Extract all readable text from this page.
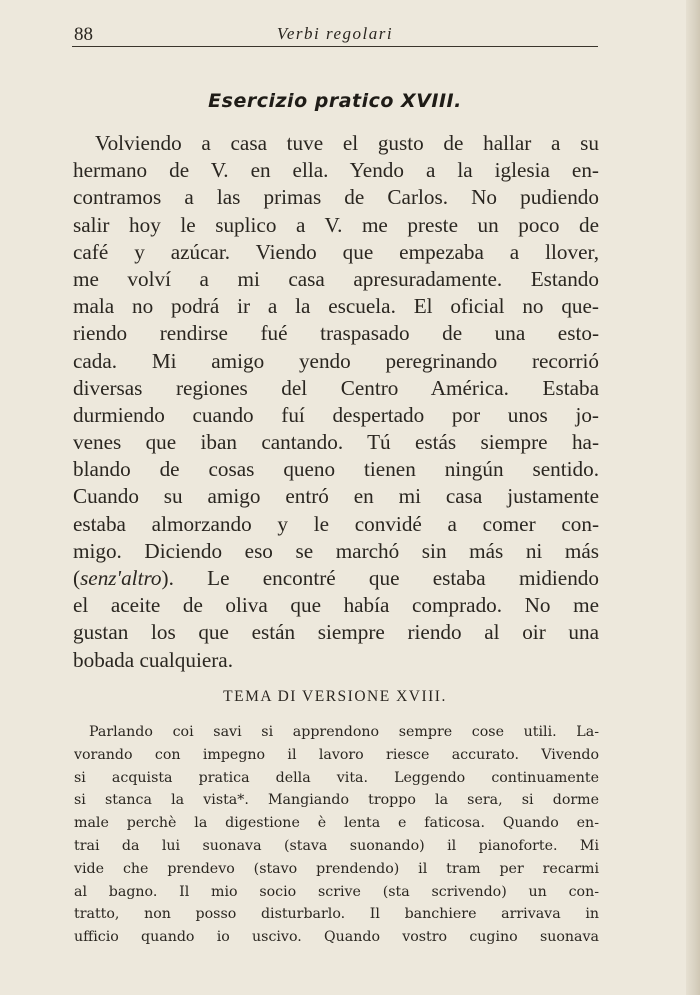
88	Verbi regolari
Esercizio pratico XVIII.
Volviendo a casa tuve el gusto de hallar a su
hermano de V. en ella. Yendo a la iglesia en-
contramos a las primas de Carlos. No pudiendo
salir hoy le suplico a V. me preste un poco de
café y azúcar. Viendo que empezaba a llover,
me volví a mi casa apresuradamente. Estando
mala no podrá ir a la escuela. El oficial no que-
riendo rendirse fué traspasado de una esto-
cada. Mi amigo yendo peregrinando recorrió
diversas regiones del Centro América. Estaba
durmiendo cuando fuí despertado por unos jo-
venes que iban cantando. Tú estás siempre ha-
blando de cosas queno tienen ningún sentido.
Cuando su amigo entró en mi casa justamente
estaba almorzando y le convidé a comer con-
migo. Diciendo eso se marchó sin más ni más
(senz'altro). Le encontré que estaba midiendo
el aceite de oliva que había comprado. No me
gustan los que están siempre riendo al oir una
bobada cualquiera.
TEMA DI VERSIONE XVIII.
Parlando coi savi si apprendono sempre cose utili. La-
vorando con impegno il lavoro riesce accurato. Vivendo
si acquista pratica della vita. Leggendo continuamente
si stanca la vista*. Mangiando troppo la sera, si dorme
male perchè la digestione è lenta e faticosa. Quando en-
trai da lui suonava (stava suonando) il pianoforte. Mi
vide che prendevo (stavo prendendo) il tram per recarmi
al bagno. Il mio socio scrive (sta scrivendo) un con-
tratto, non posso disturbarlo. Il banchiere arrivava in
ufficio quando io uscivo. Quando vostro cugino suonava
